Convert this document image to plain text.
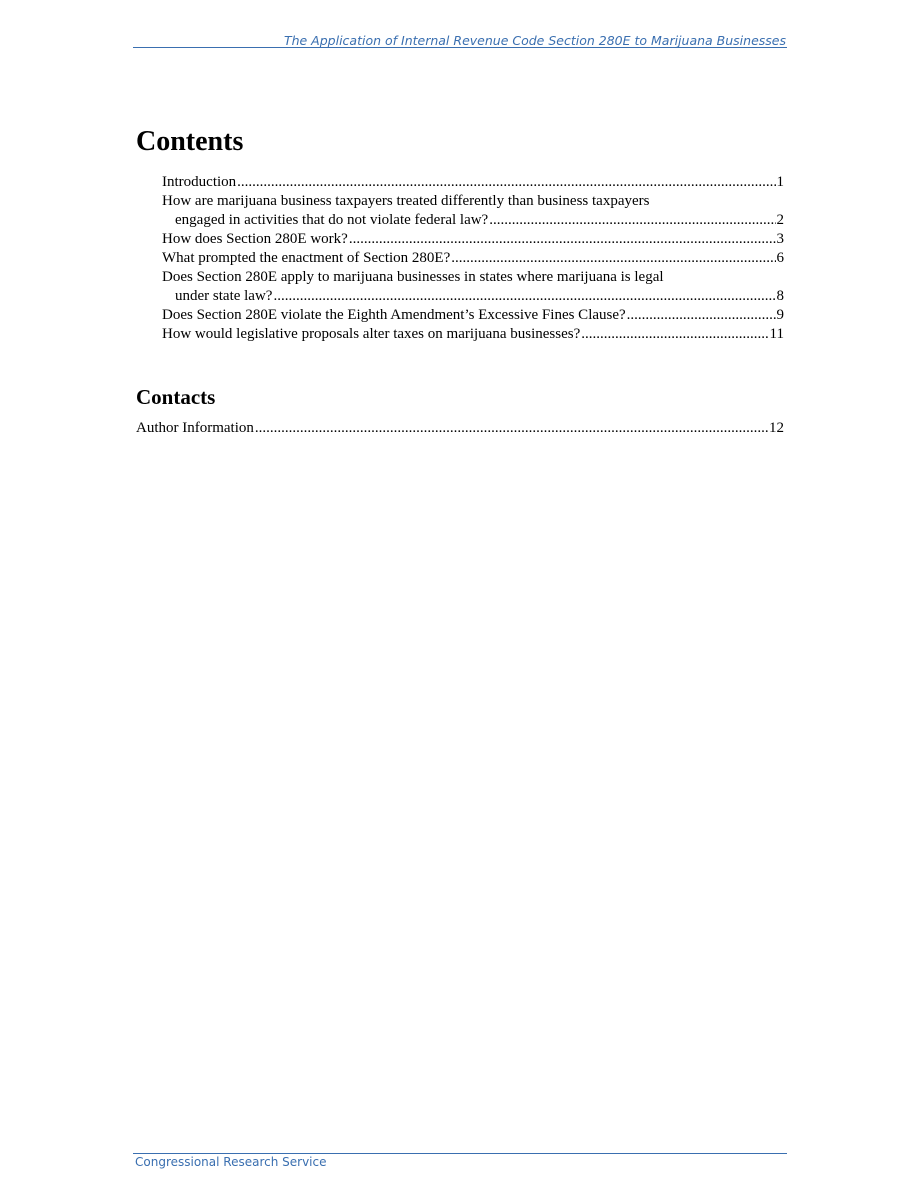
The Application of Internal Revenue Code Section 280E to Marijuana Businesses
Contents
Introduction .....	1
How are marijuana business taxpayers treated differently than business taxpayers
engaged in activities that do not violate federal law? .....	2
How does Section 280E work? .....	3
What prompted the enactment of Section 280E? .....	6
Does Section 280E apply to marijuana businesses in states where marijuana is legal
under state law? .....	8
Does Section 280E violate the Eighth Amendment’s Excessive Fines Clause? .....	9
How would legislative proposals alter taxes on marijuana businesses? .....	11
Contacts
Author Information .....	12
Congressional Research Service
